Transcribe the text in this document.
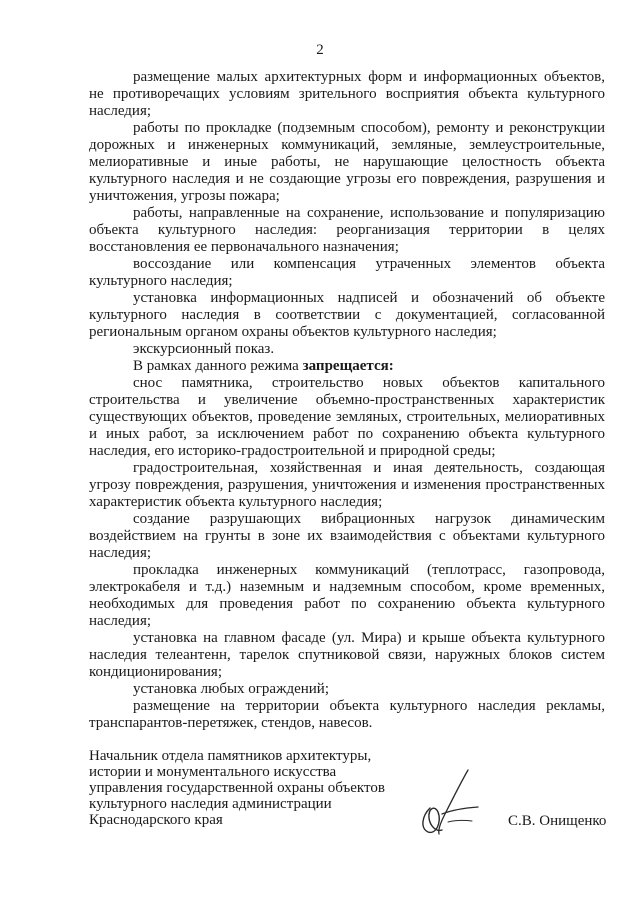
2

размещение малых архитектурных форм и информационных объектов, не противоречащих условиям зрительного восприятия объекта культурного наследия;

работы по прокладке (подземным способом), ремонту и реконструкции дорожных и инженерных коммуникаций, земляные, землеустроительные, мелиоративные и иные работы, не нарушающие целостность объекта культурного наследия и не создающие угрозы его повреждения, разрушения и уничтожения, угрозы пожара;

работы, направленные на сохранение, использование и популяризацию объекта культурного наследия: реорганизация территории в целях восстановления ее первоначального назначения;

воссоздание или компенсация утраченных элементов объекта культурного наследия;

установка информационных надписей и обозначений об объекте культурного наследия в соответствии с документацией, согласованной региональным органом охраны объектов культурного наследия;

экскурсионный показ.

В рамках данного режима запрещается:

снос памятника, строительство новых объектов капитального строительства и увеличение объемно-пространственных характеристик существующих объектов, проведение земляных, строительных, мелиоративных и иных работ, за исключением работ по сохранению объекта культурного наследия, его историко-градостроительной и природной среды;

градостроительная, хозяйственная и иная деятельность, создающая угрозу повреждения, разрушения, уничтожения и изменения пространственных характеристик объекта культурного наследия;

создание разрушающих вибрационных нагрузок динамическим воздействием на грунты в зоне их взаимодействия с объектами культурного наследия;

прокладка инженерных коммуникаций (теплотрасс, газопровода, электрокабеля и т.д.) наземным и надземным способом, кроме временных, необходимых для проведения работ по сохранению объекта культурного наследия;

установка на главном фасаде (ул. Мира) и крыше объекта культурного наследия телеантенн, тарелок спутниковой связи, наружных блоков систем кондиционирования;

установка любых ограждений;

размещение на территории объекта культурного наследия рекламы, транспарантов-перетяжек, стендов, навесов.

Начальник отдела памятников архитектуры,
истории и монументального искусства
управления государственной охраны объектов
культурного наследия администрации
Краснодарского края	С.В. Онищенко
